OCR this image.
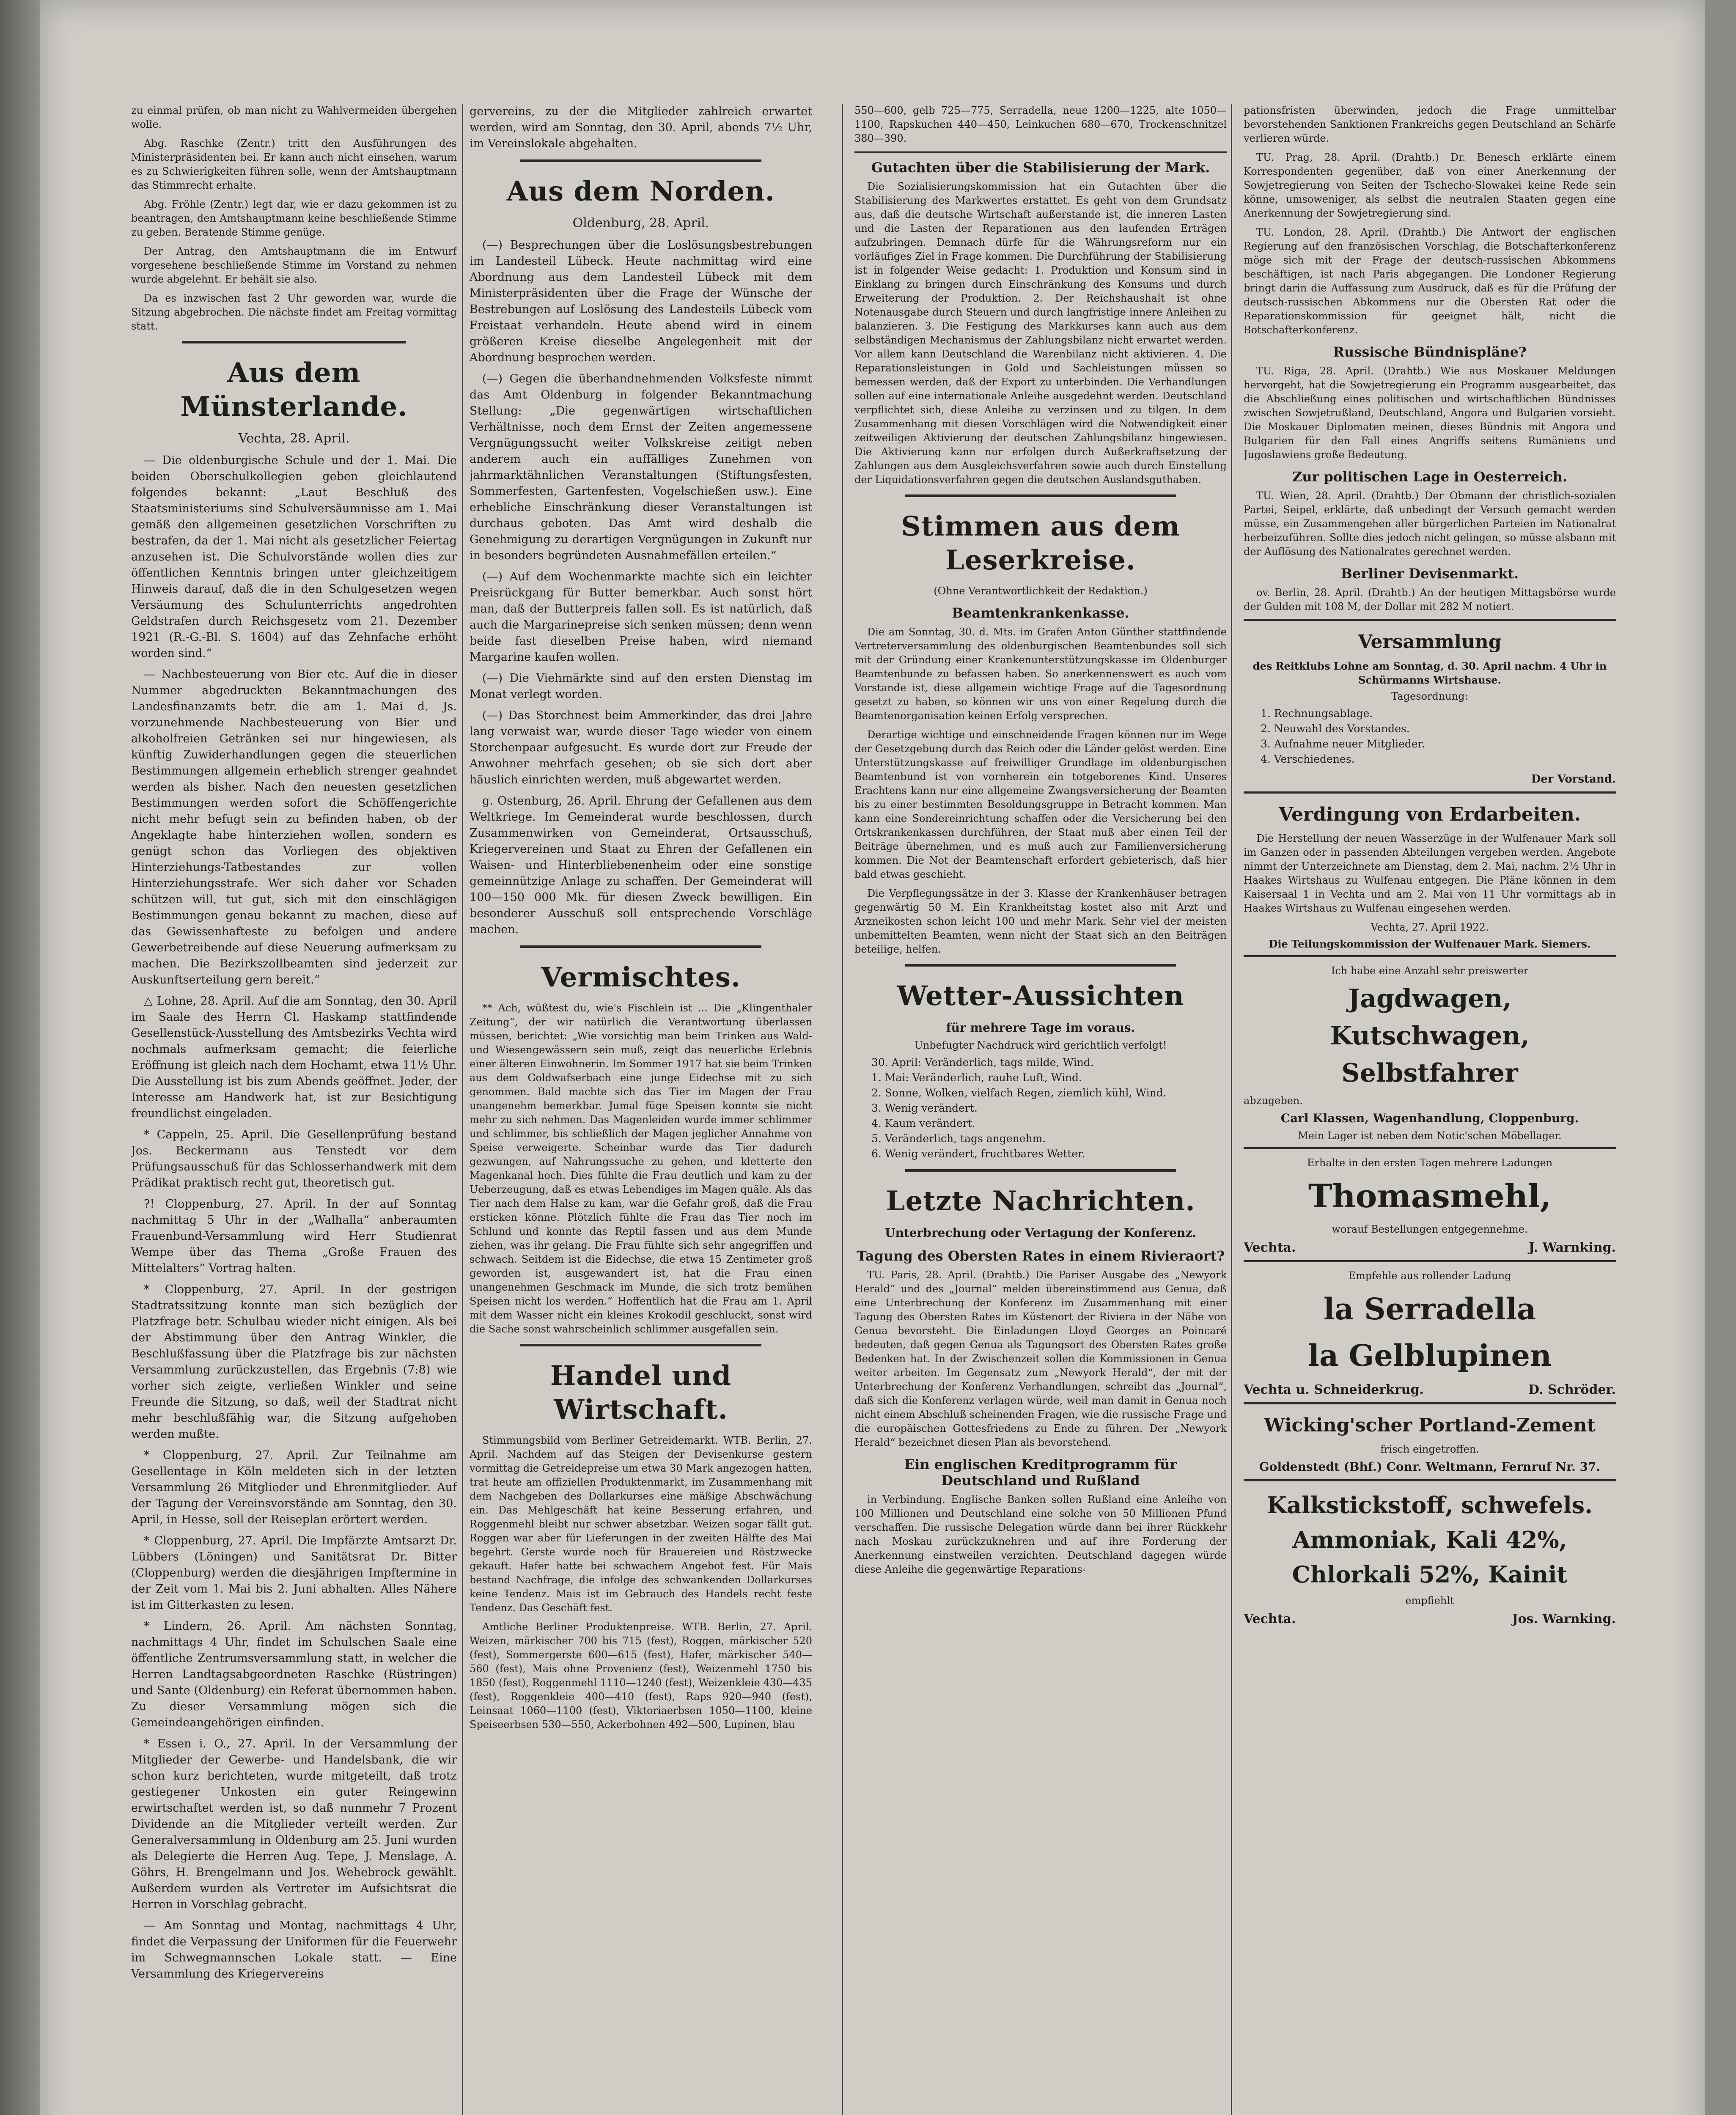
zu einmal prüfen, ob man nicht zu Wahlvermeiden übergehen wolle.

Abg. Raschke (Zentr.) tritt den Ausführungen des Ministerpräsidenten bei. Er kann auch nicht einsehen, warum es zu Schwierigkeiten führen solle, wenn der Amtshauptmann das Stimmrecht erhalte.

Abg. Fröhle (Zentr.) legt dar, wie er dazu gekommen ist zu beantragen, den Amtshauptmann keine beschließende Stimme zu geben. Beratende Stimme genüge.

Der Antrag, den Amtshauptmann die im Entwurf vorgesehene beschließende Stimme im Vorstand zu nehmen wurde abgelehnt. Er behält sie also.

Da es inzwischen fast 2 Uhr geworden war, wurde die Sitzung abgebrochen. Die nächste findet am Freitag vormittag statt.

Aus dem Münsterlande.
Vechta, 28. April.

— Die oldenburgische Schule und der 1. Mai. Die beiden Oberschulkollegien geben gleichlautend folgendes bekannt: „Laut Beschluß des Staatsministeriums sind Schulversäumnisse am 1. Mai gemäß den allgemeinen gesetzlichen Vorschriften zu bestrafen, da der 1. Mai nicht als gesetzlicher Feiertag anzusehen ist. Die Schulvorstände wollen dies zur öffentlichen Kenntnis bringen unter gleichzeitigem Hinweis darauf, daß die in den Schulgesetzen wegen Versäumung des Schulunterrichts angedrohten Geldstrafen durch Reichsgesetz vom 21. Dezember 1921 (R.-G.-Bl. S. 1604) auf das Zehnfache erhöht worden sind.“

— Nachbesteuerung von Bier etc. Auf die in dieser Nummer abgedruckten Bekanntmachungen des Landesfinanzamts betr. die am 1. Mai d. Js. vorzunehmende Nachbesteuerung von Bier und alkoholfreien Getränken sei nur hingewiesen, als künftig Zuwiderhandlungen gegen die steuerlichen Bestimmungen allgemein erheblich strenger geahndet werden als bisher. Nach den neuesten gesetzlichen Bestimmungen werden sofort die Schöffengerichte nicht mehr befugt sein zu befinden haben, ob der Angeklagte habe hinterziehen wollen, sondern es genügt schon das Vorliegen des objektiven Hinterziehungs-Tatbestandes zur vollen Hinterziehungsstrafe. Wer sich daher vor Schaden schützen will, tut gut, sich mit den einschlägigen Bestimmungen genau bekannt zu machen, diese auf das Gewissenhafteste zu befolgen und andere Gewerbetreibende auf diese Neuerung aufmerksam zu machen. Die Bezirkszollbeamten sind jederzeit zur Auskunftserteilung gern bereit.“

△ Lohne, 28. April. Auf die am Sonntag, den 30. April im Saale des Herrn Cl. Haskamp stattfindende Gesellenstück-Ausstellung des Amtsbezirks Vechta wird nochmals aufmerksam gemacht; die feierliche Eröffnung ist gleich nach dem Hochamt, etwa 11½ Uhr. Die Ausstellung ist bis zum Abends geöffnet. Jeder, der Interesse am Handwerk hat, ist zur Besichtigung freundlichst eingeladen.

* Cappeln, 25. April. Die Gesellenprüfung bestand Jos. Beckermann aus Tenstedt vor dem Prüfungsausschuß für das Schlosserhandwerk mit dem Prädikat praktisch recht gut, theoretisch gut.

?! Cloppenburg, 27. April. In der auf Sonntag nachmittag 5 Uhr in der „Walhalla“ anberaumten Frauenbund-Versammlung wird Herr Studienrat Wempe über das Thema „Große Frauen des Mittelalters“ Vortrag halten.

* Cloppenburg, 27. April. In der gestrigen Stadtratssitzung konnte man sich bezüglich der Platzfrage betr. Schulbau wieder nicht einigen. Als bei der Abstimmung über den Antrag Winkler, die Beschlußfassung über die Platzfrage bis zur nächsten Versammlung zurückzustellen, das Ergebnis (7:8) wie vorher sich zeigte, verließen Winkler und seine Freunde die Sitzung, so daß, weil der Stadtrat nicht mehr beschlußfähig war, die Sitzung aufgehoben werden mußte.

* Cloppenburg, 27. April. Zur Teilnahme am Gesellentage in Köln meldeten sich in der letzten Versammlung 26 Mitglieder und Ehrenmitglieder. Auf der Tagung der Vereinsvorstände am Sonntag, den 30. April, in Hesse, soll der Reiseplan erörtert werden.

* Cloppenburg, 27. April. Die Impfärzte Amtsarzt Dr. Lübbers (Löningen) und Sanitätsrat Dr. Bitter (Cloppenburg) werden die diesjährigen Impftermine in der Zeit vom 1. Mai bis 2. Juni abhalten. Alles Nähere ist im Gitterkasten zu lesen.

* Lindern, 26. April. Am nächsten Sonntag, nachmittags 4 Uhr, findet im Schulschen Saale eine öffentliche Zentrumsversammlung statt, in welcher die Herren Landtagsabgeordneten Raschke (Rüstringen) und Sante (Oldenburg) ein Referat übernommen haben. Zu dieser Versammlung mögen sich die Gemeindeangehörigen einfinden.

* Essen i. O., 27. April. In der Versammlung der Mitglieder der Gewerbe- und Handelsbank, die wir schon kurz berichteten, wurde mitgeteilt, daß trotz gestiegener Unkosten ein guter Reingewinn erwirtschaftet werden ist, so daß nunmehr 7 Prozent Dividende an die Mitglieder verteilt werden. Zur Generalversammlung in Oldenburg am 25. Juni wurden als Delegierte die Herren Aug. Tepe, J. Menslage, A. Göhrs, H. Brengelmann und Jos. Wehebrock gewählt. Außerdem wurden als Vertreter im Aufsichtsrat die Herren in Vorschlag gebracht.

— Am Sonntag und Montag, nachmittags 4 Uhr, findet die Verpassung der Uniformen für die Feuerwehr im Schwegmannschen Lokale statt. — Eine Versammlung des Kriegervereins

gervereins, zu der die Mitglieder zahlreich erwartet werden, wird am Sonntag, den 30. April, abends 7½ Uhr, im Vereinslokale abgehalten.

Aus dem Norden.
Oldenburg, 28. April.

(—) Besprechungen über die Loslösungsbestrebungen im Landesteil Lübeck. Heute nachmittag wird eine Abordnung aus dem Landesteil Lübeck mit dem Ministerpräsidenten über die Frage der Wünsche der Bestrebungen auf Loslösung des Landesteils Lübeck vom Freistaat verhandeln. Heute abend wird in einem größeren Kreise dieselbe Angelegenheit mit der Abordnung besprochen werden.

(—) Gegen die überhandnehmenden Volksfeste nimmt das Amt Oldenburg in folgender Bekanntmachung Stellung: „Die gegenwärtigen wirtschaftlichen Verhältnisse, noch dem Ernst der Zeiten angemessene Vergnügungssucht weiter Volkskreise zeitigt neben anderem auch ein auffälliges Zunehmen von jahrmarktähnlichen Veranstaltungen (Stiftungsfesten, Sommerfesten, Gartenfesten, Vogelschießen usw.). Eine erhebliche Einschränkung dieser Veranstaltungen ist durchaus geboten. Das Amt wird deshalb die Genehmigung zu derartigen Vergnügungen in Zukunft nur in besonders begründeten Ausnahmefällen erteilen.“

(—) Auf dem Wochenmarkte machte sich ein leichter Preisrückgang für Butter bemerkbar. Auch sonst hört man, daß der Butterpreis fallen soll. Es ist natürlich, daß auch die Margarinepreise sich senken müssen; denn wenn beide fast dieselben Preise haben, wird niemand Margarine kaufen wollen.

(—) Die Viehmärkte sind auf den ersten Dienstag im Monat verlegt worden.

(—) Das Storchnest beim Ammerkinder, das drei Jahre lang verwaist war, wurde dieser Tage wieder von einem Storchenpaar aufgesucht. Es wurde dort zur Freude der Anwohner mehrfach gesehen; ob sie sich dort aber häuslich einrichten werden, muß abgewartet werden.

g. Ostenburg, 26. April. Ehrung der Gefallenen aus dem Weltkriege. Im Gemeinderat wurde beschlossen, durch Zusammenwirken von Gemeinderat, Ortsausschuß, Kriegervereinen und Staat zu Ehren der Gefallenen ein Waisen- und Hinterbliebenenheim oder eine sonstige gemeinnützige Anlage zu schaffen. Der Gemeinderat will 100—150 000 Mk. für diesen Zweck bewilligen. Ein besonderer Ausschuß soll entsprechende Vorschläge machen.

Vermischtes.

** Ach, wüßtest du, wie's Fischlein ist ... Die „Klingenthaler Zeitung“, der wir natürlich die Verantwortung überlassen müssen, berichtet: „Wie vorsichtig man beim Trinken aus Wald- und Wiesengewässern sein muß, zeigt das neuerliche Erlebnis einer älteren Einwohnerin. Im Sommer 1917 hat sie beim Trinken aus dem Goldwafserbach eine junge Eidechse mit zu sich genommen. Bald machte sich das Tier im Magen der Frau unangenehm bemerkbar. Jumal füge Speisen konnte sie nicht mehr zu sich nehmen. Das Magenleiden wurde immer schlimmer und schlimmer, bis schließlich der Magen jeglicher Annahme von Speise verweigerte. Scheinbar wurde das Tier dadurch gezwungen, auf Nahrungssuche zu gehen, und kletterte den Magenkanal hoch. Dies fühlte die Frau deutlich und kam zu der Ueberzeugung, daß es etwas Lebendiges im Magen quäle. Als das Tier nach dem Halse zu kam, war die Gefahr groß, daß die Frau ersticken könne. Plötzlich fühlte die Frau das Tier noch im Schlund und konnte das Reptil fassen und aus dem Munde ziehen, was ihr gelang. Die Frau fühlte sich sehr angegriffen und schwach. Seitdem ist die Eidechse, die etwa 15 Zentimeter groß geworden ist, ausgewandert ist, hat die Frau einen unangenehmen Geschmack im Munde, die sich trotz bemühen Speisen nicht los werden.“ Hoffentlich hat die Frau am 1. April mit dem Wasser nicht ein kleines Krokodil geschluckt, sonst wird die Sache sonst wahrscheinlich schlimmer ausgefallen sein.

Handel und Wirtschaft.

Stimmungsbild vom Berliner Getreidemarkt. WTB. Berlin, 27. April. Nachdem auf das Steigen der Devisenkurse gestern vormittag die Getreidepreise um etwa 30 Mark angezogen hatten, trat heute am offiziellen Produktenmarkt, im Zusammenhang mit dem Nachgeben des Dollarkurses eine mäßige Abschwächung ein. Das Mehlgeschäft hat keine Besserung erfahren, und Roggenmehl bleibt nur schwer absetzbar. Weizen sogar fällt gut. Roggen war aber für Lieferungen in der zweiten Hälfte des Mai begehrt. Gerste wurde noch für Brauereien und Röstzwecke gekauft. Hafer hatte bei schwachem Angebot fest. Für Mais bestand Nachfrage, die infolge des schwankenden Dollarkurses keine Tendenz. Mais ist im Gebrauch des Handels recht feste Tendenz. Das Geschäft fest.

Amtliche Berliner Produktenpreise. WTB. Berlin, 27. April. Weizen, märkischer 700 bis 715 (fest), Roggen, märkischer 520 (fest), Sommergerste 600—615 (fest), Hafer, märkischer 540—560 (fest), Mais ohne Provenienz (fest), Weizenmehl 1750 bis 1850 (fest), Roggenmehl 1110—1240 (fest), Weizenkleie 430—435 (fest), Roggenkleie 400—410 (fest), Raps 920—940 (fest), Leinsaat 1060—1100 (fest), Viktoriaerbsen 1050—1100, kleine Speiseerbsen 530—550, Ackerbohnen 492—500, Lupinen, blau

550—600, gelb 725—775, Serradella, neue 1200—1225, alte 1050—1100, Rapskuchen 440—450, Leinkuchen 680—670, Trockenschnitzel 380—390.

Gutachten über die Stabilisierung der Mark.

Die Sozialisierungskommission hat ein Gutachten über die Stabilisierung des Markwertes erstattet. Es geht von dem Grundsatz aus, daß die deutsche Wirtschaft außerstande ist, die inneren Lasten und die Lasten der Reparationen aus den laufenden Erträgen aufzubringen. Demnach dürfe für die Währungsreform nur ein vorläufiges Ziel in Frage kommen. Die Durchführung der Stabilisierung ist in folgender Weise gedacht: 1. Produktion und Konsum sind in Einklang zu bringen durch Einschränkung des Konsums und durch Erweiterung der Produktion. 2. Der Reichshaushalt ist ohne Notenausgabe durch Steuern und durch langfristige innere Anleihen zu balanzieren. 3. Die Festigung des Markkurses kann auch aus dem selbständigen Mechanismus der Zahlungsbilanz nicht erwartet werden. Vor allem kann Deutschland die Warenbilanz nicht aktivieren. 4. Die Reparationsleistungen in Gold und Sachleistungen müssen so bemessen werden, daß der Export zu unterbinden. Die Verhandlungen sollen auf eine internationale Anleihe ausgedehnt werden. Deutschland verpflichtet sich, diese Anleihe zu verzinsen und zu tilgen. In dem Zusammenhang mit diesen Vorschlägen wird die Notwendigkeit einer zeitweiligen Aktivierung der deutschen Zahlungsbilanz hingewiesen. Die Aktivierung kann nur erfolgen durch Außerkraftsetzung der Zahlungen aus dem Ausgleichsverfahren sowie auch durch Einstellung der Liquidationsverfahren gegen die deutschen Auslandsguthaben.

Stimmen aus dem Leserkreise.
(Ohne Verantwortlichkeit der Redaktion.)
Beamtenkrankenkasse.

Die am Sonntag, 30. d. Mts. im Grafen Anton Günther stattfindende Vertreterversammlung des oldenburgischen Beamtenbundes soll sich mit der Gründung einer Krankenunterstützungskasse im Oldenburger Beamtenbunde zu befassen haben. So anerkennenswert es auch vom Vorstande ist, diese allgemein wichtige Frage auf die Tagesordnung gesetzt zu haben, so können wir uns von einer Regelung durch die Beamtenorganisation keinen Erfolg versprechen.

Derartige wichtige und einschneidende Fragen können nur im Wege der Gesetzgebung durch das Reich oder die Länder gelöst werden. Eine Unterstützungskasse auf freiwilliger Grundlage im oldenburgischen Beamtenbund ist von vornherein ein totgeborenes Kind. Unseres Erachtens kann nur eine allgemeine Zwangsversicherung der Beamten bis zu einer bestimmten Besoldungsgruppe in Betracht kommen. Man kann eine Sondereinrichtung schaffen oder die Versicherung bei den Ortskrankenkassen durchführen, der Staat muß aber einen Teil der Beiträge übernehmen, und es muß auch zur Familienversicherung kommen. Die Not der Beamtenschaft erfordert gebieterisch, daß hier bald etwas geschieht.

Die Verpflegungssätze in der 3. Klasse der Krankenhäuser betragen gegenwärtig 50 M. Ein Krankheitstag kostet also mit Arzt und Arzneikosten schon leicht 100 und mehr Mark. Sehr viel der meisten unbemittelten Beamten, wenn nicht der Staat sich an den Beiträgen beteilige, helfen.

Wetter-Aussichten
für mehrere Tage im voraus.
Unbefugter Nachdruck wird gerichtlich verfolgt!
30. April: Veränderlich, tags milde, Wind.
1. Mai: Veränderlich, rauhe Luft, Wind.
2. Sonne, Wolken, vielfach Regen, ziemlich kühl, Wind.
3. Wenig verändert.
4. Kaum verändert.
5. Veränderlich, tags angenehm.
6. Wenig verändert, fruchtbares Wetter.
Letzte Nachrichten.
Unterbrechung oder Vertagung der Konferenz.
Tagung des Obersten Rates in einem Rivieraort?

TU. Paris, 28. April. (Drahtb.) Die Pariser Ausgabe des „Newyork Herald“ und des „Journal“ melden übereinstimmend aus Genua, daß eine Unterbrechung der Konferenz im Zusammenhang mit einer Tagung des Obersten Rates im Küstenort der Riviera in der Nähe von Genua bevorsteht. Die Einladungen Lloyd Georges an Poincaré bedeuten, daß gegen Genua als Tagungsort des Obersten Rates große Bedenken hat. In der Zwischenzeit sollen die Kommissionen in Genua weiter arbeiten. Im Gegensatz zum „Newyork Herald“, der mit der Unterbrechung der Konferenz Verhandlungen, schreibt das „Journal“, daß sich die Konferenz verlagen würde, weil man damit in Genua noch nicht einem Abschluß scheinenden Fragen, wie die russische Frage und die europäischen Gottesfriedens zu Ende zu führen. Der „Newyork Herald“ bezeichnet diesen Plan als bevorstehend.

Ein englischen Kreditprogramm für Deutschland und Rußland

in Verbindung. Englische Banken sollen Rußland eine Anleihe von 100 Millionen und Deutschland eine solche von 50 Millionen Pfund verschaffen. Die russische Delegation würde dann bei ihrer Rückkehr nach Moskau zurückzuknehren und auf ihre Forderung der Anerkennung einstweilen verzichten. Deutschland dagegen würde diese Anleihe die gegenwärtige Reparations-

pationsfristen überwinden, jedoch die Frage unmittelbar bevorstehenden Sanktionen Frankreichs gegen Deutschland an Schärfe verlieren würde.

TU. Prag, 28. April. (Drahtb.) Dr. Benesch erklärte einem Korrespondenten gegenüber, daß von einer Anerkennung der Sowjetregierung von Seiten der Tschecho-Slowakei keine Rede sein könne, umsoweniger, als selbst die neutralen Staaten gegen eine Anerkennung der Sowjetregierung sind.

TU. London, 28. April. (Drahtb.) Die Antwort der englischen Regierung auf den französischen Vorschlag, die Botschafterkonferenz möge sich mit der Frage der deutsch-russischen Abkommens beschäftigen, ist nach Paris abgegangen. Die Londoner Regierung bringt darin die Auffassung zum Ausdruck, daß es für die Prüfung der deutsch-russischen Abkommens nur die Obersten Rat oder die Reparationskommission für geeignet hält, nicht die Botschafterkonferenz.

Russische Bündnispläne?

TU. Riga, 28. April. (Drahtb.) Wie aus Moskauer Meldungen hervorgeht, hat die Sowjetregierung ein Programm ausgearbeitet, das die Abschließung eines politischen und wirtschaftlichen Bündnisses zwischen Sowjetrußland, Deutschland, Angora und Bulgarien vorsieht. Die Moskauer Diplomaten meinen, dieses Bündnis mit Angora und Bulgarien für den Fall eines Angriffs seitens Rumäniens und Jugoslawiens große Bedeutung.

Zur politischen Lage in Oesterreich.

TU. Wien, 28. April. (Drahtb.) Der Obmann der christlich-sozialen Partei, Seipel, erklärte, daß unbedingt der Versuch gemacht werden müsse, ein Zusammengehen aller bürgerlichen Parteien im Nationalrat herbeizuführen. Sollte dies jedoch nicht gelingen, so müsse alsbann mit der Auflösung des Nationalrates gerechnet werden.

Berliner Devisenmarkt.

ov. Berlin, 28. April. (Drahtb.) An der heutigen Mittagsbörse wurde der Gulden mit 108 M, der Dollar mit 282 M notiert.

Versammlung
des Reitklubs Lohne am Sonntag, d. 30. April nachm. 4 Uhr in Schürmanns Wirtshause.
Tagesordnung:
1. Rechnungsablage.
2. Neuwahl des Vorstandes.
3. Aufnahme neuer Mitglieder.
4. Verschiedenes.
Der Vorstand.
Verdingung von Erdarbeiten.

Die Herstellung der neuen Wasserzüge in der Wulfenauer Mark soll im Ganzen oder in passenden Abteilungen vergeben werden. Angebote nimmt der Unterzeichnete am Dienstag, dem 2. Mai, nachm. 2½ Uhr in Haakes Wirtshaus zu Wulfenau entgegen. Die Pläne können in dem Kaisersaal 1 in Vechta und am 2. Mai von 11 Uhr vormittags ab in Haakes Wirtshaus zu Wulfenau eingesehen werden.

Vechta, 27. April 1922.
Die Teilungskommission der Wulfenauer Mark. Siemers.
Ich habe eine Anzahl sehr preiswerter
Jagdwagen,
Kutschwagen,
Selbstfahrer
abzugeben.
Carl Klassen, Wagenhandlung, Cloppenburg.
Mein Lager ist neben dem Notic'schen Möbellager.
Erhalte in den ersten Tagen mehrere Ladungen
Thomasmehl,
worauf Bestellungen entgegennehme.
Vechta.	J. Warnking.
Empfehle aus rollender Ladung
la Serradella
la Gelblupinen
Vechta u. Schneiderkrug.	D. Schröder.
Wicking'scher Portland-Zement
frisch eingetroffen.
Goldenstedt (Bhf.) Conr. Weltmann, Fernruf Nr. 37.
Kalkstickstoff, schwefels.
Ammoniak, Kali 42%,
Chlorkali 52%, Kainit
empfiehlt
Vechta.	Jos. Warnking.
